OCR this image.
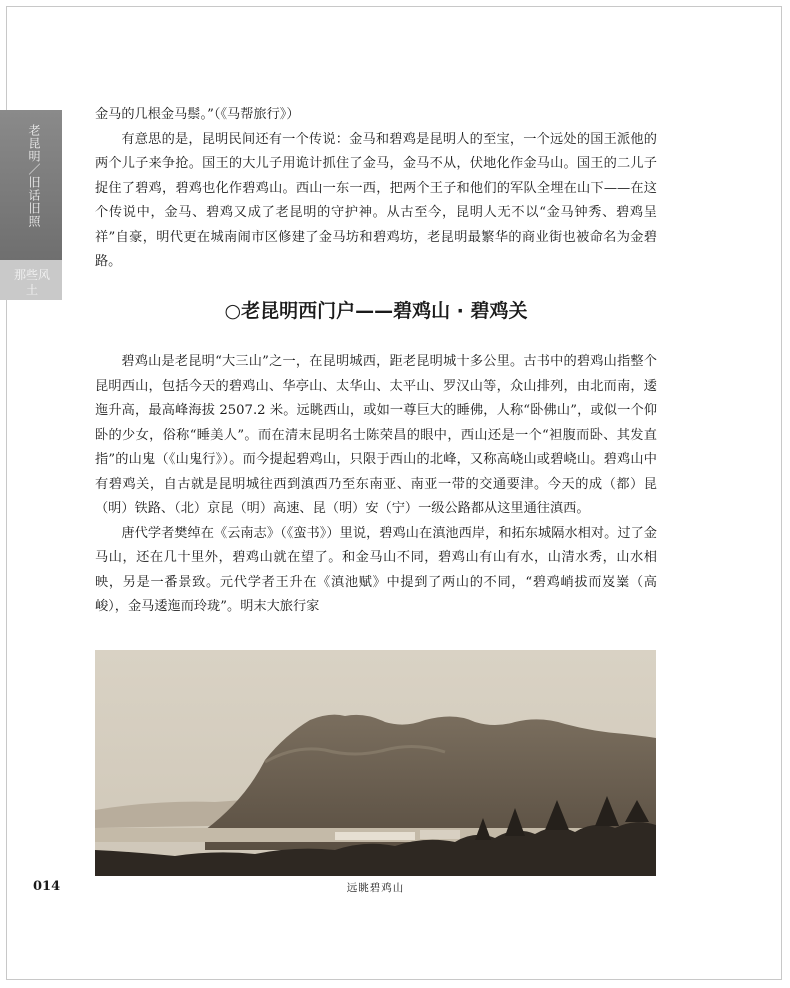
老昆明／旧话旧照
那些风土

金马的几根金马鬃。”（《马帮旅行》）

有意思的是，昆明民间还有一个传说：金马和碧鸡是昆明人的至宝，一个远处的国王派他的两个儿子来争抢。国王的大儿子用诡计抓住了金马，金马不从，伏地化作金马山。国王的二儿子捉住了碧鸡，碧鸡也化作碧鸡山。西山一东一西，把两个王子和他们的军队全埋在山下——在这个传说中，金马、碧鸡又成了老昆明的守护神。从古至今，昆明人无不以“金马钟秀、碧鸡呈祥”自豪，明代更在城南闹市区修建了金马坊和碧鸡坊，老昆明最繁华的商业街也被命名为金碧路。

○老昆明西门户——碧鸡山 · 碧鸡关

碧鸡山是老昆明“大三山”之一，在昆明城西，距老昆明城十多公里。古书中的碧鸡山指整个昆明西山，包括今天的碧鸡山、华亭山、太华山、太平山、罗汉山等，众山排列，由北而南，逶迤升高，最高峰海拔 2507.2 米。远眺西山，或如一尊巨大的睡佛，人称“卧佛山”，或似一个仰卧的少女，俗称“睡美人”。而在清末昆明名士陈荣昌的眼中，西山还是一个“袒腹而卧、其发直指”的山鬼（《山鬼行》）。而今提起碧鸡山，只限于西山的北峰，又称高峣山或碧峣山。碧鸡山中有碧鸡关，自古就是昆明城往西到滇西乃至东南亚、南亚一带的交通要津。今天的成（都）昆（明）铁路、（北）京昆（明）高速、昆（明）安（宁）一级公路都从这里通往滇西。

唐代学者樊绰在《云南志》（《蛮书》）里说，碧鸡山在滇池西岸，和拓东城隔水相对。过了金马山，还在几十里外，碧鸡山就在望了。和金马山不同，碧鸡山有山有水，山清水秀，山水相映，另是一番景致。元代学者王升在《滇池赋》中提到了两山的不同，“碧鸡峭拔而岌嶪（高峻），金马逶迤而玲珑”。明末大旅行家

远眺碧鸡山
014
